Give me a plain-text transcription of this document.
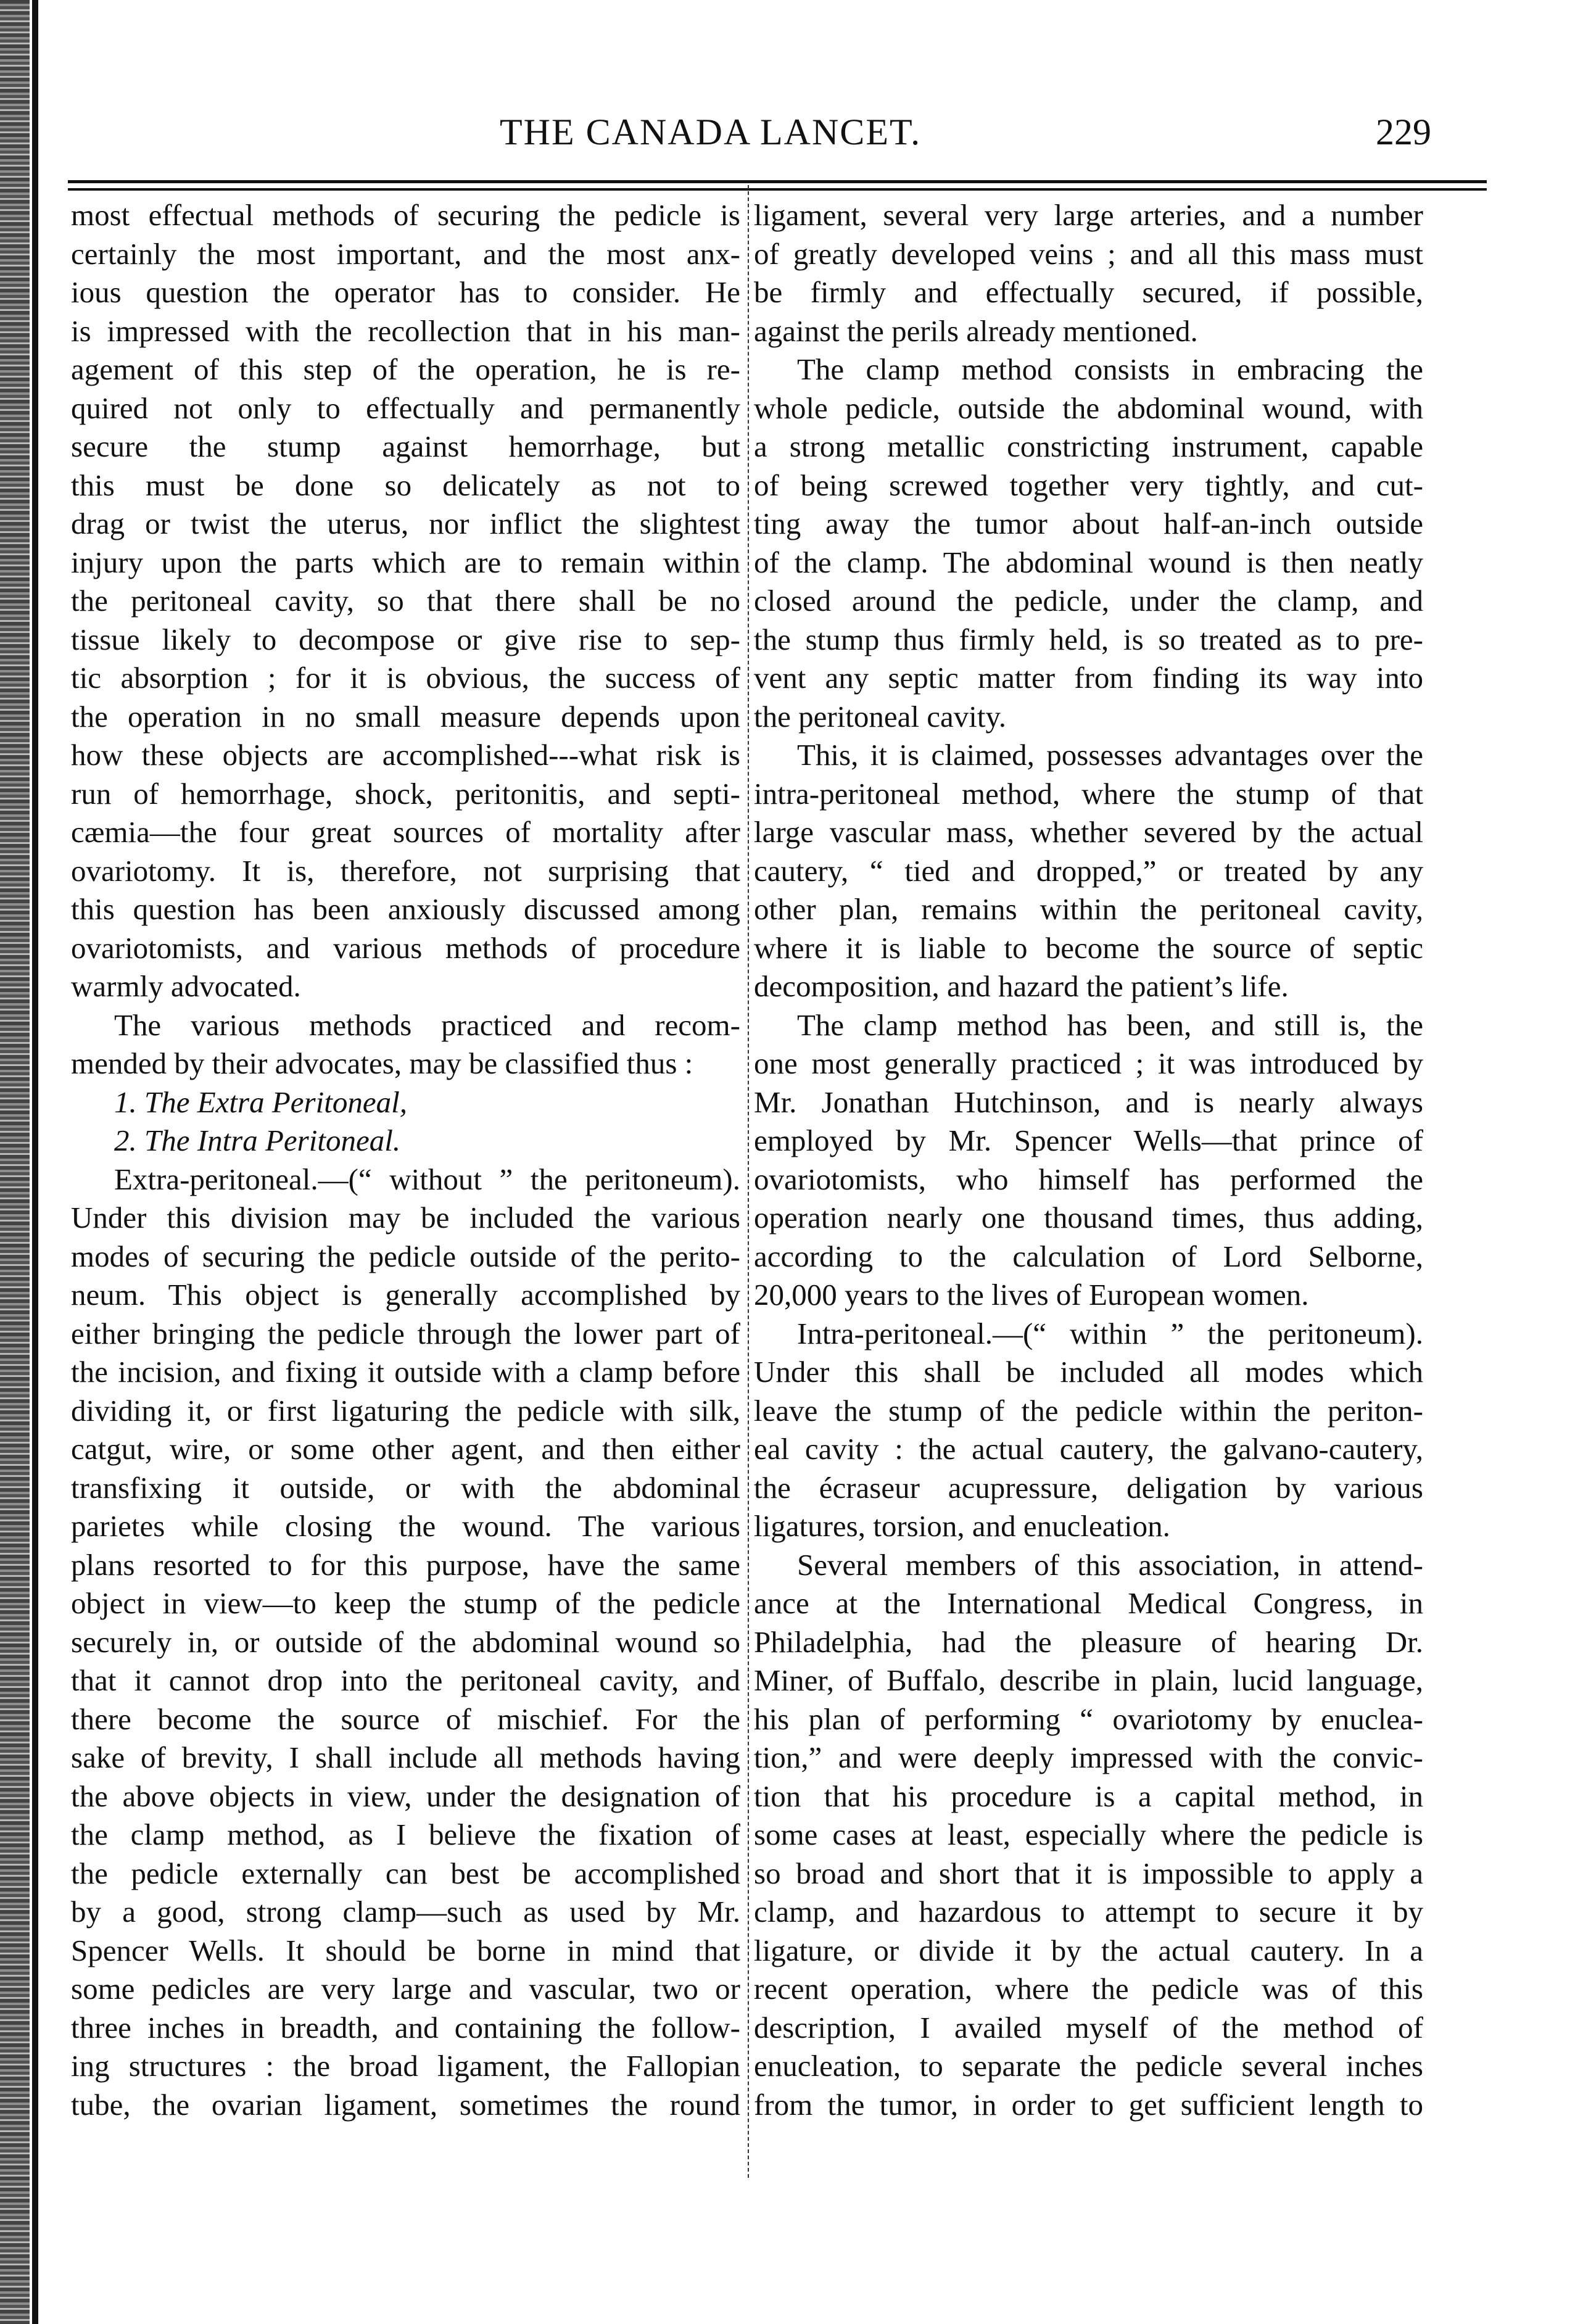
THE CANADA LANCET.	229
most effectual methods of securing the pedicle is
certainly the most important, and the most anx-
ious question the operator has to consider. He
is impressed with the recollection that in his man-
agement of this step of the operation, he is re-
quired not only to effectually and permanently
secure the stump against hemorrhage, but
this must be done so delicately as not to
drag or twist the uterus, nor inflict the slightest
injury upon the parts which are to remain within
the peritoneal cavity, so that there shall be no
tissue likely to decompose or give rise to sep-
tic absorption ; for it is obvious, the success of
the operation in no small measure depends upon
how these objects are accomplished---what risk is
run of hemorrhage, shock, peritonitis, and septi-
cæmia—the four great sources of mortality after
ovariotomy. It is, therefore, not surprising that
this question has been anxiously discussed among
ovariotomists, and various methods of procedure
warmly advocated.
The various methods practiced and recom-
mended by their advocates, may be classified thus :
1. The Extra Peritoneal,
2. The Intra Peritoneal.
Extra-peritoneal.—(“ without ” the peritoneum).
Under this division may be included the various
modes of securing the pedicle outside of the perito-
neum. This object is generally accomplished by
either bringing the pedicle through the lower part of
the incision, and fixing it outside with a clamp before
dividing it, or first ligaturing the pedicle with silk,
catgut, wire, or some other agent, and then either
transfixing it outside, or with the abdominal
parietes while closing the wound. The various
plans resorted to for this purpose, have the same
object in view—to keep the stump of the pedicle
securely in, or outside of the abdominal wound so
that it cannot drop into the peritoneal cavity, and
there become the source of mischief. For the
sake of brevity, I shall include all methods having
the above objects in view, under the designation of
the clamp method, as I believe the fixation of
the pedicle externally can best be accomplished
by a good, strong clamp—such as used by Mr.
Spencer Wells. It should be borne in mind that
some pedicles are very large and vascular, two or
three inches in breadth, and containing the follow-
ing structures : the broad ligament, the Fallopian
tube, the ovarian ligament, sometimes the round
ligament, several very large arteries, and a number
of greatly developed veins ; and all this mass must
be firmly and effectually secured, if possible,
against the perils already mentioned.
The clamp method consists in embracing the
whole pedicle, outside the abdominal wound, with
a strong metallic constricting instrument, capable
of being screwed together very tightly, and cut-
ting away the tumor about half-an-inch outside
of the clamp. The abdominal wound is then neatly
closed around the pedicle, under the clamp, and
the stump thus firmly held, is so treated as to pre-
vent any septic matter from finding its way into
the peritoneal cavity.
This, it is claimed, possesses advantages over the
intra-peritoneal method, where the stump of that
large vascular mass, whether severed by the actual
cautery, “ tied and dropped,” or treated by any
other plan, remains within the peritoneal cavity,
where it is liable to become the source of septic
decomposition, and hazard the patient’s life.
The clamp method has been, and still is, the
one most generally practiced ; it was introduced by
Mr. Jonathan Hutchinson, and is nearly always
employed by Mr. Spencer Wells—that prince of
ovariotomists, who himself has performed the
operation nearly one thousand times, thus adding,
according to the calculation of Lord Selborne,
20,000 years to the lives of European women.
Intra-peritoneal.—(“ within ” the peritoneum).
Under this shall be included all modes which
leave the stump of the pedicle within the periton-
eal cavity : the actual cautery, the galvano-cautery,
the écraseur acupressure, deligation by various
ligatures, torsion, and enucleation.
Several members of this association, in attend-
ance at the International Medical Congress, in
Philadelphia, had the pleasure of hearing Dr.
Miner, of Buffalo, describe in plain, lucid language,
his plan of performing “ ovariotomy by enuclea-
tion,” and were deeply impressed with the convic-
tion that his procedure is a capital method, in
some cases at least, especially where the pedicle is
so broad and short that it is impossible to apply a
clamp, and hazardous to attempt to secure it by
ligature, or divide it by the actual cautery. In a
recent operation, where the pedicle was of this
description, I availed myself of the method of
enucleation, to separate the pedicle several inches
from the tumor, in order to get sufficient length to
